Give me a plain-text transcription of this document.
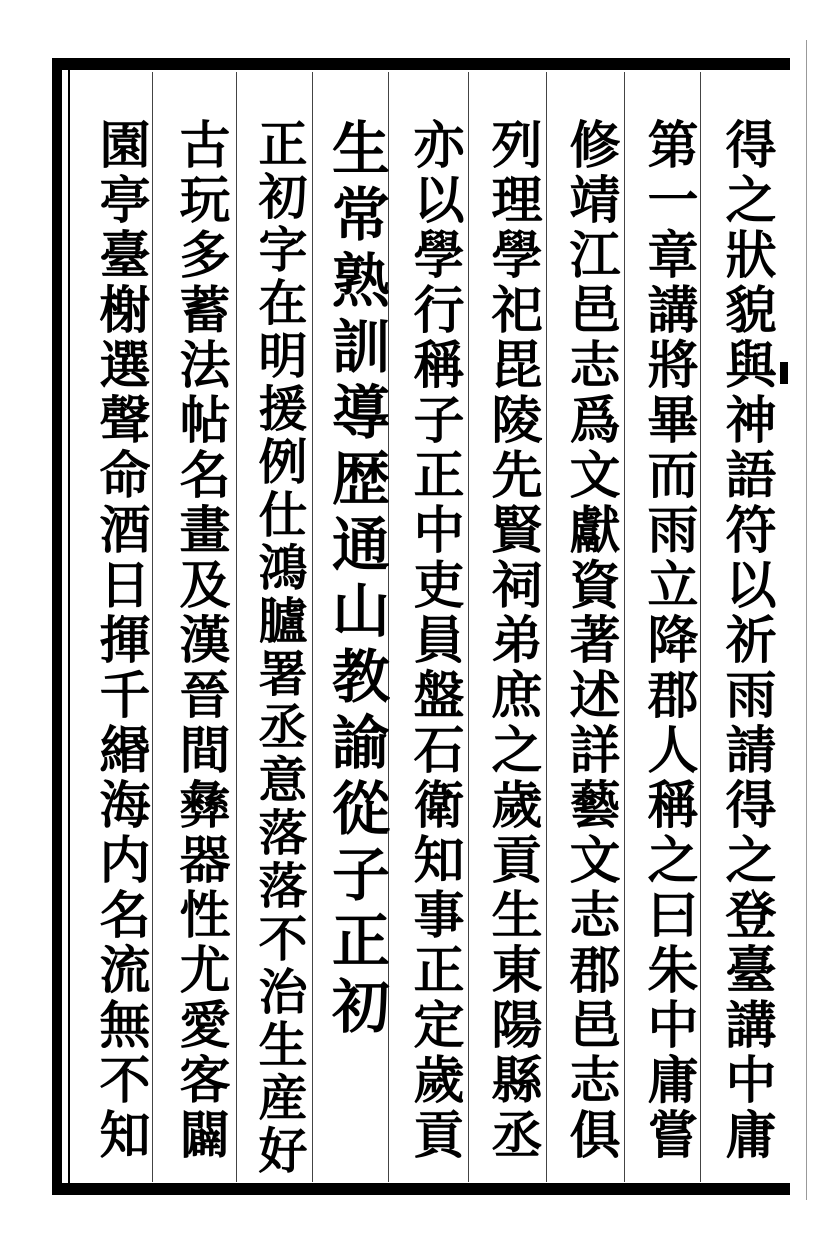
得之狀貌與神語符以祈雨請得之登臺講中庸
第一章講將畢而雨立降郡人稱之曰朱中庸嘗
修靖江邑志爲文獻資著述詳藝文志郡邑志俱
列理學祀毘陵先賢祠弟庶之歲貢生東陽縣丞
亦以學行稱子正中吏員盤石衛知事正定歲貢
生常熟訓導歴通山教諭從子正初
正初字在明援例仕鴻臚署丞意落落不治生産好
古玩多蓄法帖名畫及漢晉間彝器性尤愛客闢
園亭臺榭選聲命酒日揮千緡海内名流無不知
